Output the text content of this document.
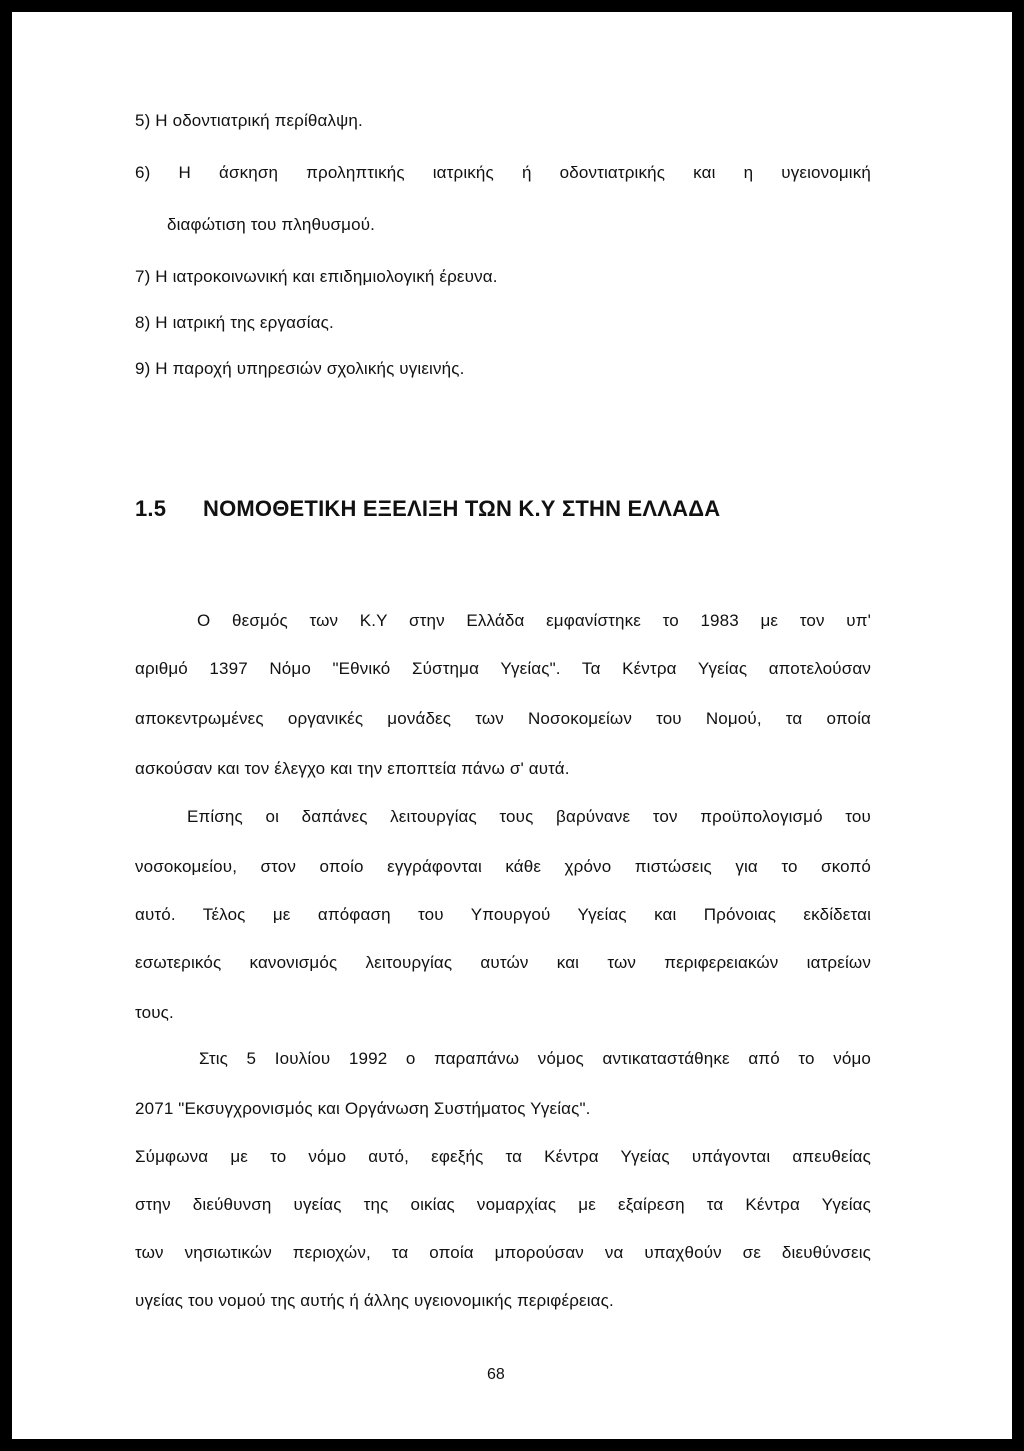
5) Η οδοντιατρική περίθαλψη.
6) Η άσκηση προληπτικής ιατρικής ή οδοντιατρικής και η υγειονομική
διαφώτιση του πληθυσμού.
7) Η ιατροκοινωνική και επιδημιολογική έρευνα.
8) Η ιατρική της εργασίας.
9) Η παροχή υπηρεσιών σχολικής υγιεινής.
1.5 ΝΟΜΟΘΕΤΙΚΗ ΕΞΕΛΙΞΗ ΤΩΝ Κ.Υ ΣΤΗΝ ΕΛΛΑΔΑ
Ο θεσμός των Κ.Υ στην Ελλάδα εμφανίστηκε το 1983 με τον υπ'
αριθμό 1397 Νόμο "Εθνικό Σύστημα Υγείας". Τα Κέντρα Υγείας αποτελούσαν
αποκεντρωμένες οργανικές μονάδες των Νοσοκομείων του Νομού, τα οποία
ασκούσαν και τον έλεγχο και την εποπτεία πάνω σ' αυτά.
Επίσης οι δαπάνες λειτουργίας τους βαρύνανε τον προϋπολογισμό του
νοσοκομείου, στον οποίο εγγράφονται κάθε χρόνο πιστώσεις για το σκοπό
αυτό. Τέλος με απόφαση του Υπουργού Υγείας και Πρόνοιας εκδίδεται
εσωτερικός κανονισμός λειτουργίας αυτών και των περιφερειακών ιατρείων
τους.
Στις 5 Ιουλίου 1992 ο παραπάνω νόμος αντικαταστάθηκε από το νόμο
2071 "Εκσυγχρονισμός και Οργάνωση Συστήματος Υγείας".
Σύμφωνα με το νόμο αυτό, εφεξής τα Κέντρα Υγείας υπάγονται απευθείας
στην διεύθυνση υγείας της οικίας νομαρχίας με εξαίρεση τα Κέντρα Υγείας
των νησιωτικών περιοχών, τα οποία μπορούσαν να υπαχθούν σε διευθύνσεις
υγείας του νομού της αυτής ή άλλης υγειονομικής περιφέρειας.
68
